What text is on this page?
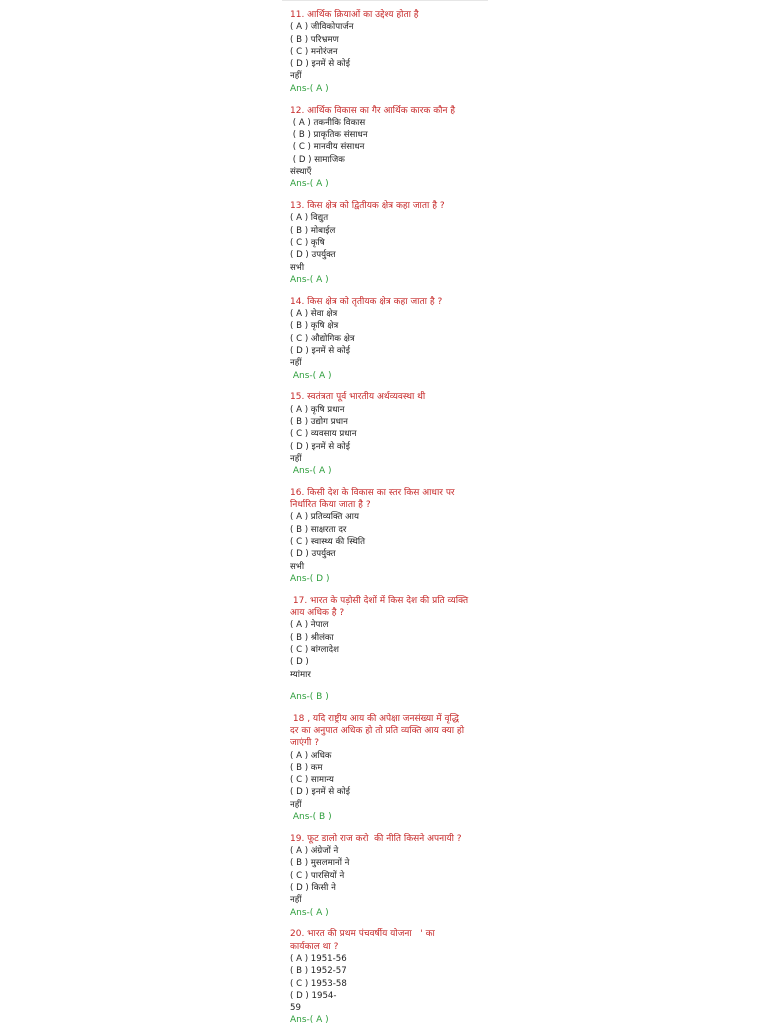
11. आर्थिक क्रियाओं का उद्देश्य होता है

( A ) जीविकोपार्जन

( B ) परिभ्रमण

( C ) मनोरंजन

( D ) इनमें से कोई

नहीं

Ans-( A )

12. आर्थिक विकास का गैर आर्थिक कारक कौन है

( A ) तकनीकि विकास

( B ) प्राकृतिक संसाधन

( C ) मानवीय संसाधन

( D ) सामाजिक

संस्थाएँ

Ans-( A )

13. किस क्षेत्र को द्वितीयक क्षेत्र कहा जाता है ?

( A ) विद्युत

( B ) मोबाईल

( C ) कृषि

( D ) उपर्युक्त

सभी

Ans-( A )

14. किस क्षेत्र को तृतीयक क्षेत्र कहा जाता है ?

( A ) सेवा क्षेत्र

( B ) कृषि क्षेत्र

( C ) औद्योगिक क्षेत्र

( D ) इनमें से कोई

नहीं

Ans-( A )

15. स्वतंत्रता पूर्व भारतीय अर्थव्यवस्था थी

( A ) कृषि प्रधान

( B ) उद्योग प्रधान

( C ) व्यवसाय प्रधान

( D ) इनमें से कोई

नहीं

Ans-( A )

16. किसी देश के विकास का स्तर किस आधार पर
निर्धारित किया जाता है ?

( A ) प्रतिव्यक्ति आय

( B ) साक्षरता दर

( C ) स्वास्थ्य की स्थिति

( D ) उपर्युक्त

सभी

Ans-( D )

17. भारत के पड़ोसी देशों में किस देश की प्रति व्यक्ति
आय अधिक है ?

( A ) नेपाल

( B ) श्रीलंका

( C ) बांग्लादेश

( D )

म्यांमार

Ans-( B )

18 , यदि राष्ट्रीय आय की अपेक्षा जनसंख्या में वृद्धि
दर का अनुपात अधिक हो तो प्रति व्यक्ति आय क्या हो
जाएंगी ?

( A ) अधिक

( B ) कम

( C ) सामान्य

( D ) इनमें से कोई

नहीं

Ans-( B )

19. फूट डालो राज करो  की नीति किसने अपनायी ?

( A ) अंग्रेजों ने

( B ) मुसलमानों ने

( C ) पारसियों ने

( D ) किसी ने

नहीं

Ans-( A )

20. भारत की प्रथम पंचवर्षीय योजना   ' का
कार्यकाल था ?

( A ) 1951-56

( B ) 1952-57

( C ) 1953-58

( D ) 1954-

59

Ans-( A )
